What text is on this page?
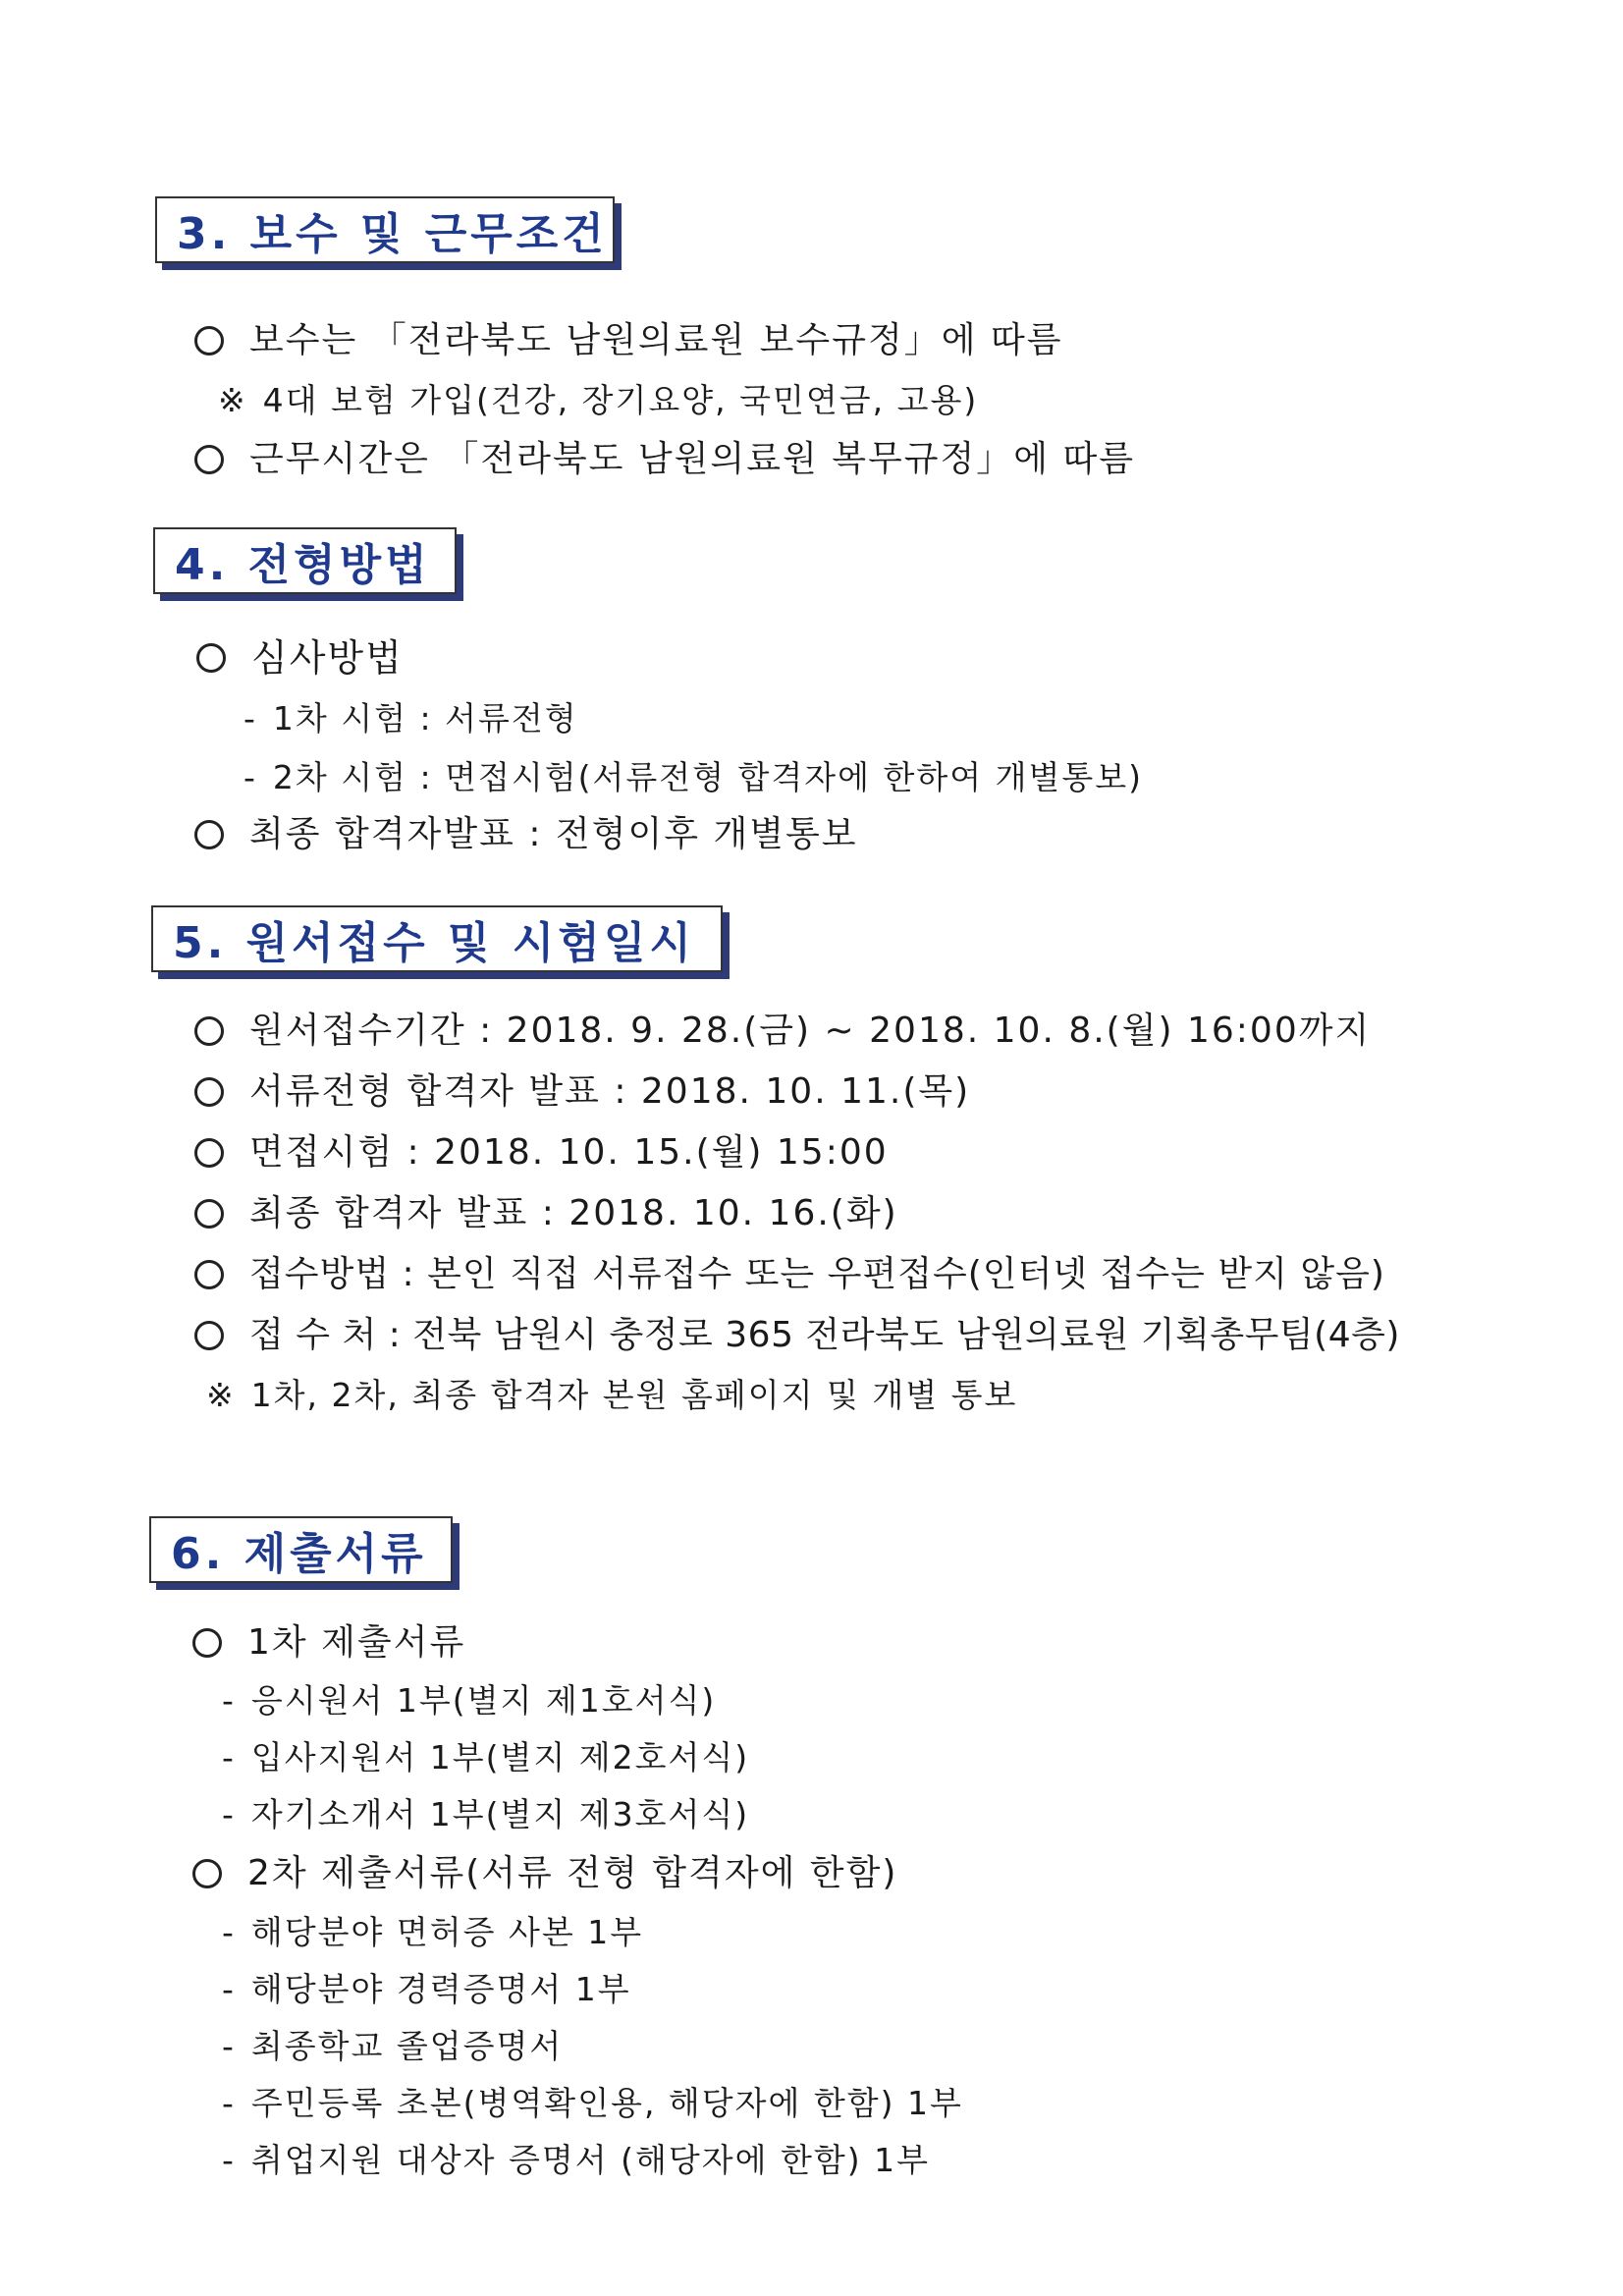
3. 보수 및 근무조건
보수는 「전라북도 남원의료원 보수규정」에 따름
※ 4대 보험 가입(건강, 장기요양, 국민연금, 고용)
근무시간은 「전라북도 남원의료원 복무규정」에 따름
4. 전형방법
심사방법
- 1차 시험 : 서류전형
- 2차 시험 : 면접시험(서류전형 합격자에 한하여 개별통보)
최종 합격자발표 : 전형이후 개별통보
5. 원서접수 및 시험일시
원서접수기간 : 2018. 9. 28.(금) ~ 2018. 10. 8.(월) 16:00까지
서류전형 합격자 발표 : 2018. 10. 11.(목)
면접시험 : 2018. 10. 15.(월) 15:00
최종 합격자 발표 : 2018. 10. 16.(화)
접수방법 : 본인 직접 서류접수 또는 우편접수(인터넷 접수는 받지 않음)
접 수 처 : 전북 남원시 충정로 365 전라북도 남원의료원 기획총무팀(4층)
※ 1차, 2차, 최종 합격자 본원 홈페이지 및 개별 통보
6. 제출서류
1차 제출서류
- 응시원서 1부(별지 제1호서식)
- 입사지원서 1부(별지 제2호서식)
- 자기소개서 1부(별지 제3호서식)
2차 제출서류(서류 전형 합격자에 한함)
- 해당분야 면허증 사본 1부
- 해당분야 경력증명서 1부
- 최종학교 졸업증명서
- 주민등록 초본(병역확인용, 해당자에 한함) 1부
- 취업지원 대상자 증명서 (해당자에 한함) 1부
